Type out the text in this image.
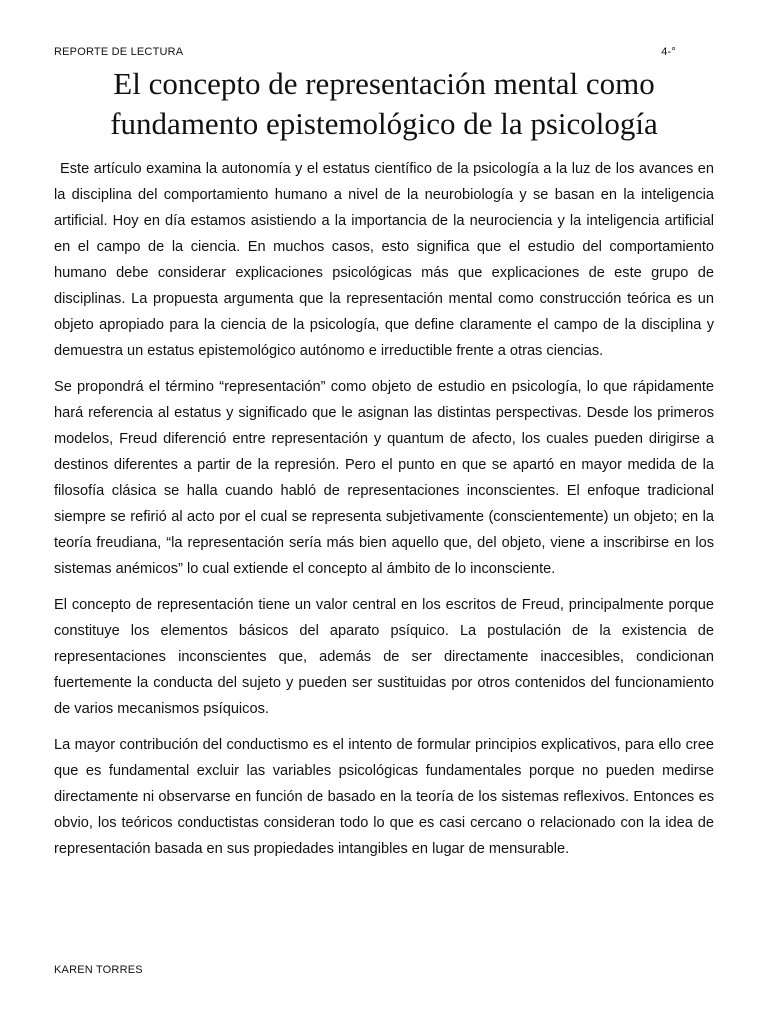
REPORTE DE LECTURA	4-°
El concepto de representación mental como fundamento epistemológico de la psicología

Este artículo examina la autonomía y el estatus científico de la psicología a la luz de los avances en la disciplina del comportamiento humano a nivel de la neurobiología y se basan en la inteligencia artificial. Hoy en día estamos asistiendo a la importancia de la neurociencia y la inteligencia artificial en el campo de la ciencia. En muchos casos, esto significa que el estudio del comportamiento humano debe considerar explicaciones psicológicas más que explicaciones de este grupo de disciplinas. La propuesta argumenta que la representación mental como construcción teórica es un objeto apropiado para la ciencia de la psicología, que define claramente el campo de la disciplina y demuestra un estatus epistemológico autónomo e irreductible frente a otras ciencias.

Se propondrá el término “representación” como objeto de estudio en psicología, lo que rápidamente hará referencia al estatus y significado que le asignan las distintas perspectivas. Desde los primeros modelos, Freud diferenció entre representación y quantum de afecto, los cuales pueden dirigirse a destinos diferentes a partir de la represión. Pero el punto en que se apartó en mayor medida de la filosofía clásica se halla cuando habló de representaciones inconscientes. El enfoque tradicional siempre se refirió al acto por el cual se representa subjetivamente (conscientemente) un objeto; en la teoría freudiana, “la representación sería más bien aquello que, del objeto, viene a inscribirse en los sistemas anémicos” lo cual extiende el concepto al ámbito de lo inconsciente.

El concepto de representación tiene un valor central en los escritos de Freud, principalmente porque constituye los elementos básicos del aparato psíquico. La postulación de la existencia de representaciones inconscientes que, además de ser directamente inaccesibles, condicionan fuertemente la conducta del sujeto y pueden ser sustituidas por otros contenidos del funcionamiento de varios mecanismos psíquicos.

La mayor contribución del conductismo es el intento de formular principios explicativos, para ello cree que es fundamental excluir las variables psicológicas fundamentales porque no pueden medirse directamente ni observarse en función de basado en la teoría de los sistemas reflexivos. Entonces es obvio, los teóricos conductistas consideran todo lo que es casi cercano o relacionado con la idea de representación basada en sus propiedades intangibles en lugar de mensurable.

KAREN TORRES
